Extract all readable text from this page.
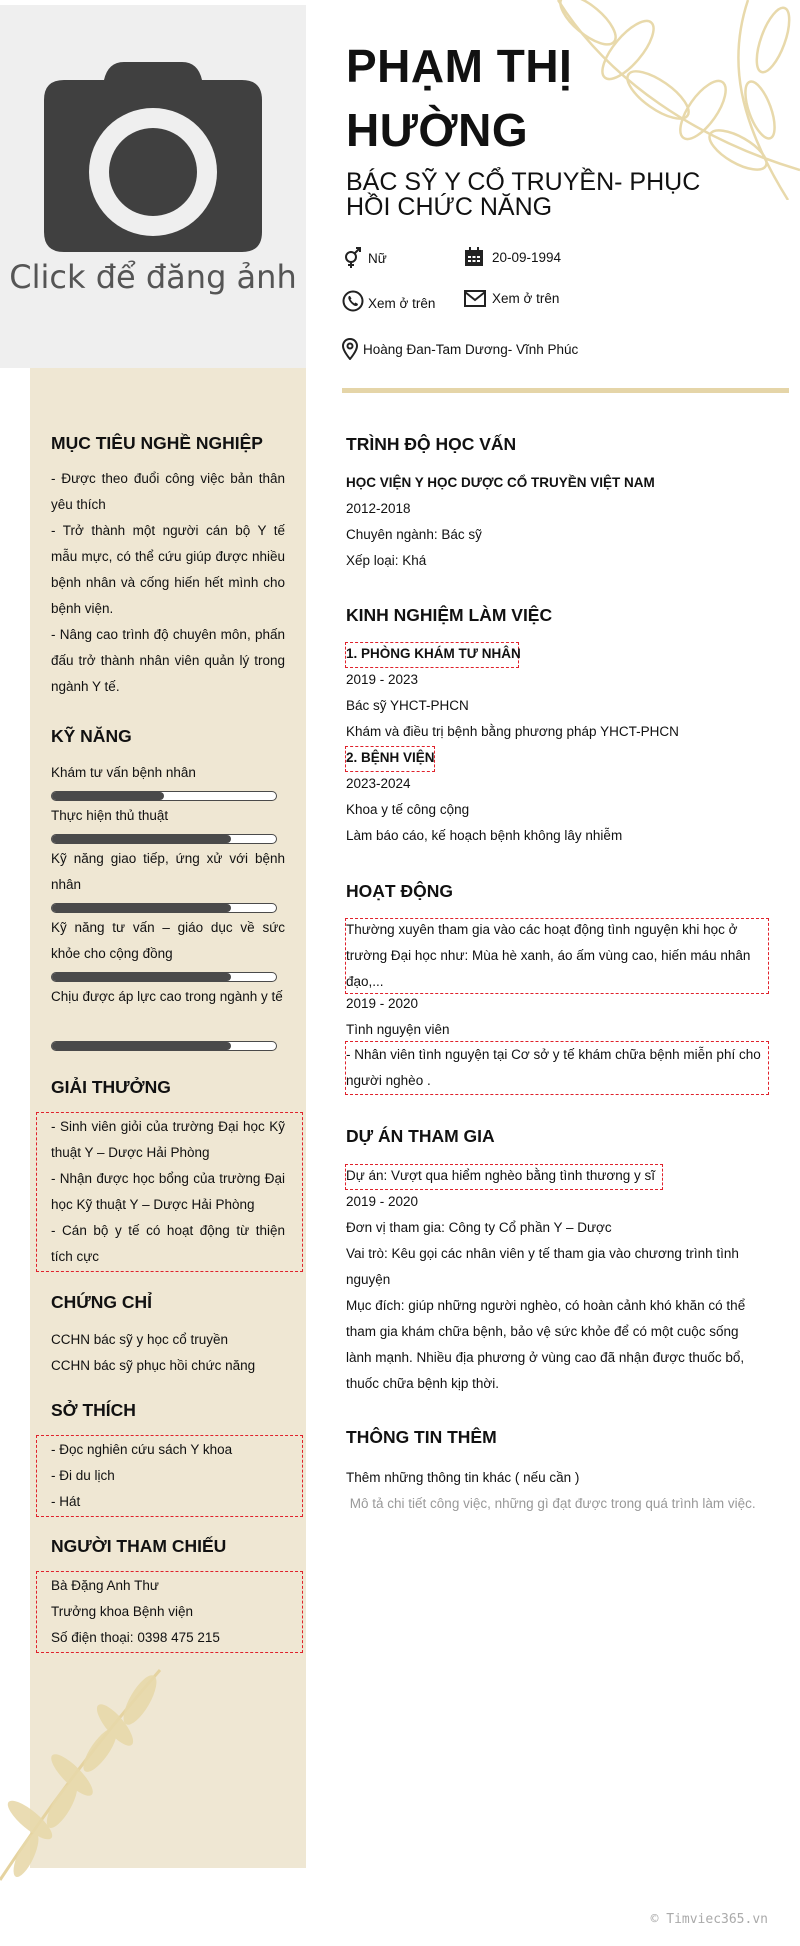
Click để đăng ảnh
MỤC TIÊU NGHỀ NGHIỆP
- Được theo đuổi công việc bản thân yêu thích
- Trở thành một người cán bộ Y tế mẫu mực, có thể cứu giúp được nhiều bệnh nhân và cống hiến hết mình cho bệnh viện.
- Nâng cao trình độ chuyên môn, phấn đấu trở thành nhân viên quản lý trong ngành Y tế.
KỸ NĂNG
Khám tư vấn bệnh nhân
Thực hiện thủ thuật
Kỹ năng giao tiếp, ứng xử với bệnh nhân
Kỹ năng tư vấn – giáo dục về sức khỏe cho cộng đồng
Chịu được áp lực cao trong ngành y tế
GIẢI THƯỞNG
- Sinh viên giỏi của trường Đại học Kỹ thuật Y – Dược Hải Phòng
- Nhận được học bổng của trường Đại học Kỹ thuật Y – Dược Hải Phòng
- Cán bộ y tế có hoạt động từ thiện tích cực
CHỨNG CHỈ
CCHN bác sỹ y học cổ truyền
CCHN bác sỹ phục hồi chức năng
SỞ THÍCH
- Đọc nghiên cứu sách Y khoa
- Đi du lịch
- Hát
NGƯỜI THAM CHIẾU
Bà Đặng Anh Thư
Trưởng khoa Bệnh viện
Số điện thoại: 0398 475 215
PHẠM THỊ
HƯỜNG
BÁC SỸ Y CỔ TRUYỀN- PHỤC
HỒI CHỨC NĂNG
Nữ	20-09-1994
Xem ở trên	Xem ở trên
Hoàng Đan-Tam Dương- Vĩnh Phúc
TRÌNH ĐỘ HỌC VẤN
HỌC VIỆN Y HỌC DƯỢC CỔ TRUYỀN VIỆT NAM
2012-2018
Chuyên ngành: Bác sỹ
Xếp loại: Khá
KINH NGHIỆM LÀM VIỆC
1. PHÒNG KHÁM TƯ NHÂN
2019 - 2023
Bác sỹ YHCT-PHCN
Khám và điều trị bệnh bằng phương pháp YHCT-PHCN
2. BỆNH VIỆN
2023-2024
Khoa y tế công cộng
Làm báo cáo, kế hoạch bệnh không lây nhiễm
HOẠT ĐỘNG
Thường xuyên tham gia vào các hoạt động tình nguyện khi học ở trường Đại học như: Mùa hè xanh, áo ấm vùng cao, hiến máu nhân đạo,...
2019 - 2020
Tình nguyện viên
- Nhân viên tình nguyện tại Cơ sở y tế khám chữa bệnh miễn phí cho người nghèo .
DỰ ÁN THAM GIA
Dự án: Vượt qua hiểm nghèo bằng tình thương y sĩ
2019 - 2020
Đơn vị tham gia: Công ty Cổ phần Y – Dược
Vai trò: Kêu gọi các nhân viên y tế tham gia vào chương trình tình nguyện
Mục đích: giúp những người nghèo, có hoàn cảnh khó khăn có thể tham gia khám chữa bệnh, bảo vệ sức khỏe để có một cuộc sống lành mạnh. Nhiều địa phương ở vùng cao đã nhận được thuốc bổ, thuốc chữa bệnh kịp thời.
THÔNG TIN THÊM
Thêm những thông tin khác ( nếu cần )
Mô tả chi tiết công việc, những gì đạt được trong quá trình làm việc.
© Timviec365.vn
